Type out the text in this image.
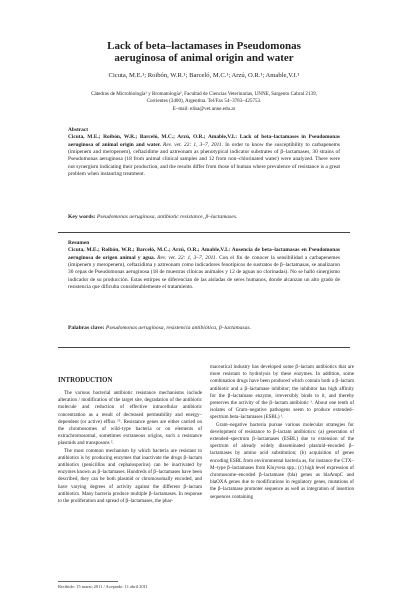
Lack of beta–lactamases in Pseudomonas
aeruginosa of animal origin and water
Cicuta, M.E.¹; Roibón, W.R.¹; Barceló, M.C.¹; Arzú, O.R.¹; Amable,V.I.¹
Cátedras de Microbiología¹ y Bromatología², Facultad de Ciencias Veterinarias, UNNE, Sargento Cabral 2139,
Corrientes (3400), Argentina. Tel/Fax 54–3783–425753.
E–mail: elisa@vet.unne.edu.ar

Abstract

Cicuta, M.E.; Roibón, W.R.; Barceló, M.C.; Arzú, O.R.; Amable,V.I.: Lack of beta–lactamases in Pseudomonas aeruginosa of animal origin and water. Rev. vet. 22: 1, 3–7, 2011. In order to know the susceptibility to carbapenems (imipenem and meropenem), ceftazidime and aztreonam as phenotypical indicator substrates of β–lactamases, 30 strains of Pseudomonas aeruginosa (18 from animal clinical samples and 12 from non–chlorinated water) were analyzed. There were not synergism indicating their production, and the results differ from those of human where prevalence of resistance is a great problem when instauring treatment.

Key words: Pseudomonas aeruginosa, antibiotic resistance, β–lactamases.

Resumen

Cicuta, M.E.; Roibón, W.R.; Barceló, M.C.; Arzú, O.R.; Amable,V.I.: Ausencia de beta–lactamasas en Pseudomonas aeruginosa de origen animal y agua. Rev. vet. 22: 1, 3–7, 2011. Con el fin de conocer la sensibilidad a carbapenemes (imipenem y meropenem), ceftazidima y aztreonam como indicadores fenotípicos de sustratos de β–lactamasas, se analizaron 30 cepas de Pseudomonas aeruginosa (18 de muestras clínicas animales y 12 de aguas no clorinadas). No se halló sinergismo indicador de su producción. Estas estirpes se diferencian de las aisladas de seres humanos, donde alcanzan un alto grado de resistencia que dificulta considerablemente el tratamiento.

Palabras clave: Pseudomonas aeruginosa, resistencia antibiótica, β–lactamasas.

INTRODUCTION

The various bacterial antibiotic resistance mechanisms include alteration / modification of the target site, degradation of the antibiotic molecule and reduction of effective intracellular antibiotic concentration as a result of decreased permeability and energy–dependent (or active) efflux ¹⁵. Resistance genes are either carried on the chromosomes of wild–type bacteria or on elements of extrachromosomal, sometimes extraneous origins, such a resistance plasmids and transposons ².

The most common mechanism by which bacteria are resistant to antibiotics is by producing enzymes that inactivate the drugs β–lactam antibiotics (penicillins and cephalosporins) can be inactivated by enzymes known as β–lactamases. Hundreds of β–lactamases have been described, they can be both plasmid or chromosomally encoded, and have varying degrees of activity against the different β–lactam antibiotics. Many bacteria produce multiple β–lactamases. In response to the proliferation and spread of β–lactamases, the phar-

maceutical industry has developed some β–lactam antibiotics that are more resistant to hydrolysis by these enzymes. In addition, some combination drugs have been produced which contain both a β–lactam antibiotic and a β–lactamase inhibitor; the inhibitor has high affinity for the β–lactamase enzyme, irreversibly binds to it, and thereby preserves the activity of the β–lactam antibiotic ¹. About one tenth of isolates of Gram–negative pathogens seem to produce extended–spectrum beta–lactamases (ESBL) ¹.

Gram–negative bacteria pursue various molecular strategies for development of resistance to β–lactam antibiotics: (a) generation of extended–spectrum β–lactamases (ESBL) due to extension of the spectrum of already widely disseminated plasmid–encoded β–lactamases by amino acid substitution; (b) acquisition of genes encoding ESBL from environmental bacteria as, for instance the CTX–M–type β–lactamases from Kluyvera spp.; (c) high level expression of chromosome–encoded β–lactamase (bla) genes as blaAmpC and blaOXA genes due to modifications in regulatory genes, mutations of the β–lactamase promoter sequence as well as integration of insertion sequences containing

Recibido: 15 marzo 2011 / Aceptado: 11 abril 2011
